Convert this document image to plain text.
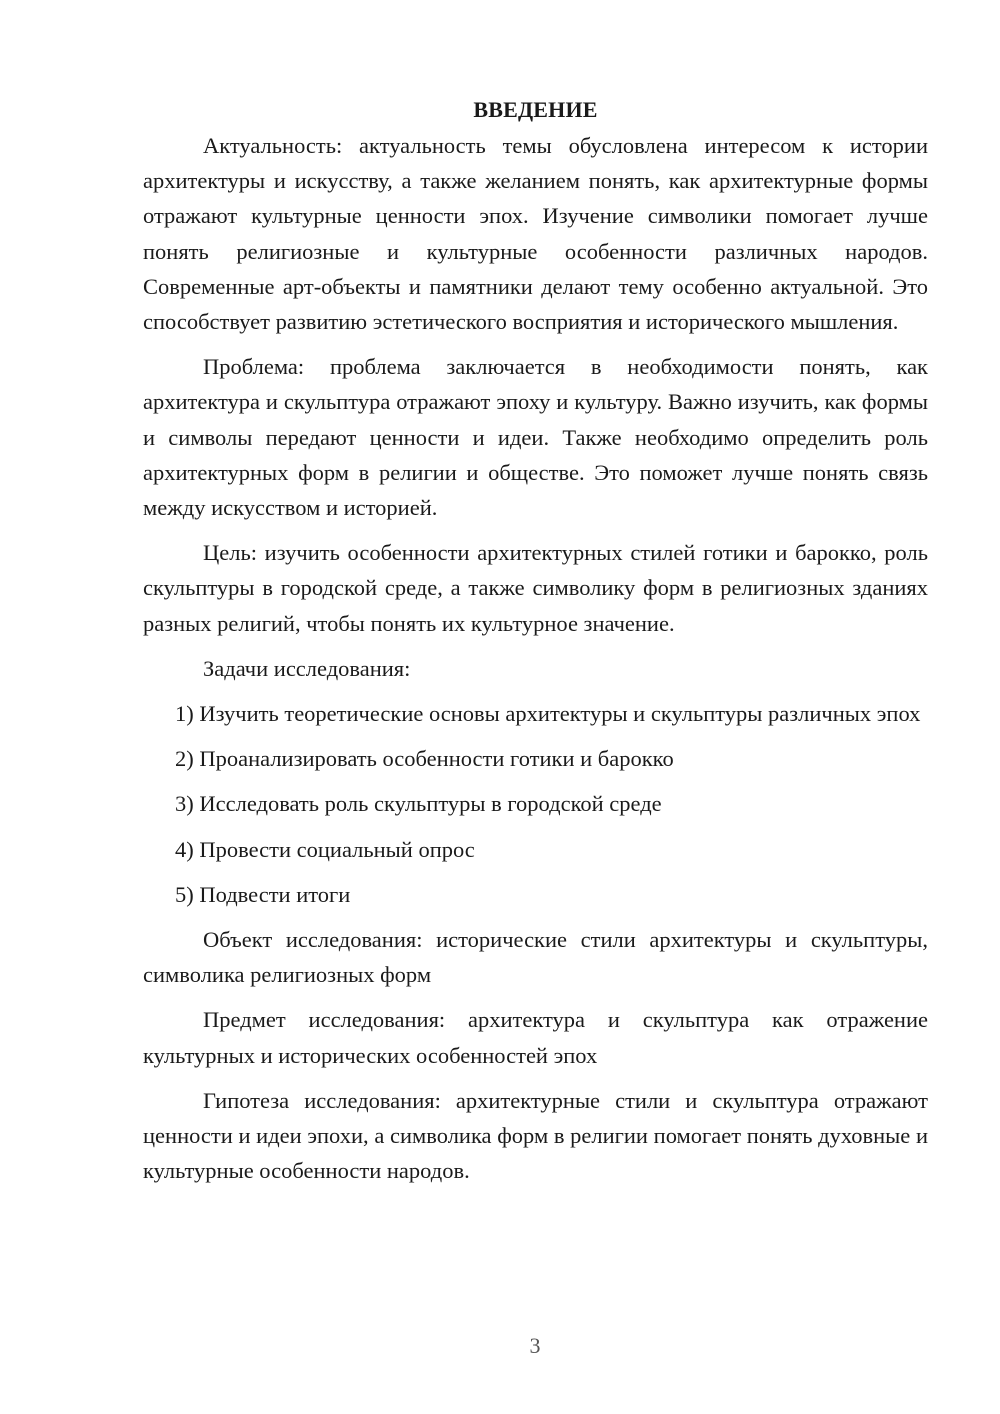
ВВЕДЕНИЕ

Актуальность: актуальность темы обусловлена интересом к истории архитектуры и искусству, а также желанием понять, как архитектурные формы отражают культурные ценности эпох. Изучение символики помогает лучше понять религиозные и культурные особенности различных народов. Современные арт-объекты и памятники делают тему особенно актуальной. Это способствует развитию эстетического восприятия и исторического мышления.

Проблема: проблема заключается в необходимости понять, как архитектура и скульптура отражают эпоху и культуру. Важно изучить, как формы и символы передают ценности и идеи. Также необходимо определить роль архитектурных форм в религии и обществе. Это поможет лучше понять связь между искусством и историей.

Цель: изучить особенности архитектурных стилей готики и барокко, роль скульптуры в городской среде, а также символику форм в религиозных зданиях разных религий, чтобы понять их культурное значение.

Задачи исследования:

1) Изучить теоретические основы архитектуры и скульптуры различных эпох

2) Проанализировать особенности готики и барокко

3) Исследовать роль скульптуры в городской среде

4) Провести социальный опрос

5) Подвести итоги

Объект исследования: исторические стили архитектуры и скульптуры, символика религиозных форм

Предмет исследования: архитектура и скульптура как отражение культурных и исторических особенностей эпох

Гипотеза исследования: архитектурные стили и скульптура отражают ценности и идеи эпохи, а символика форм в религии помогает понять духовные и культурные особенности народов.

3
